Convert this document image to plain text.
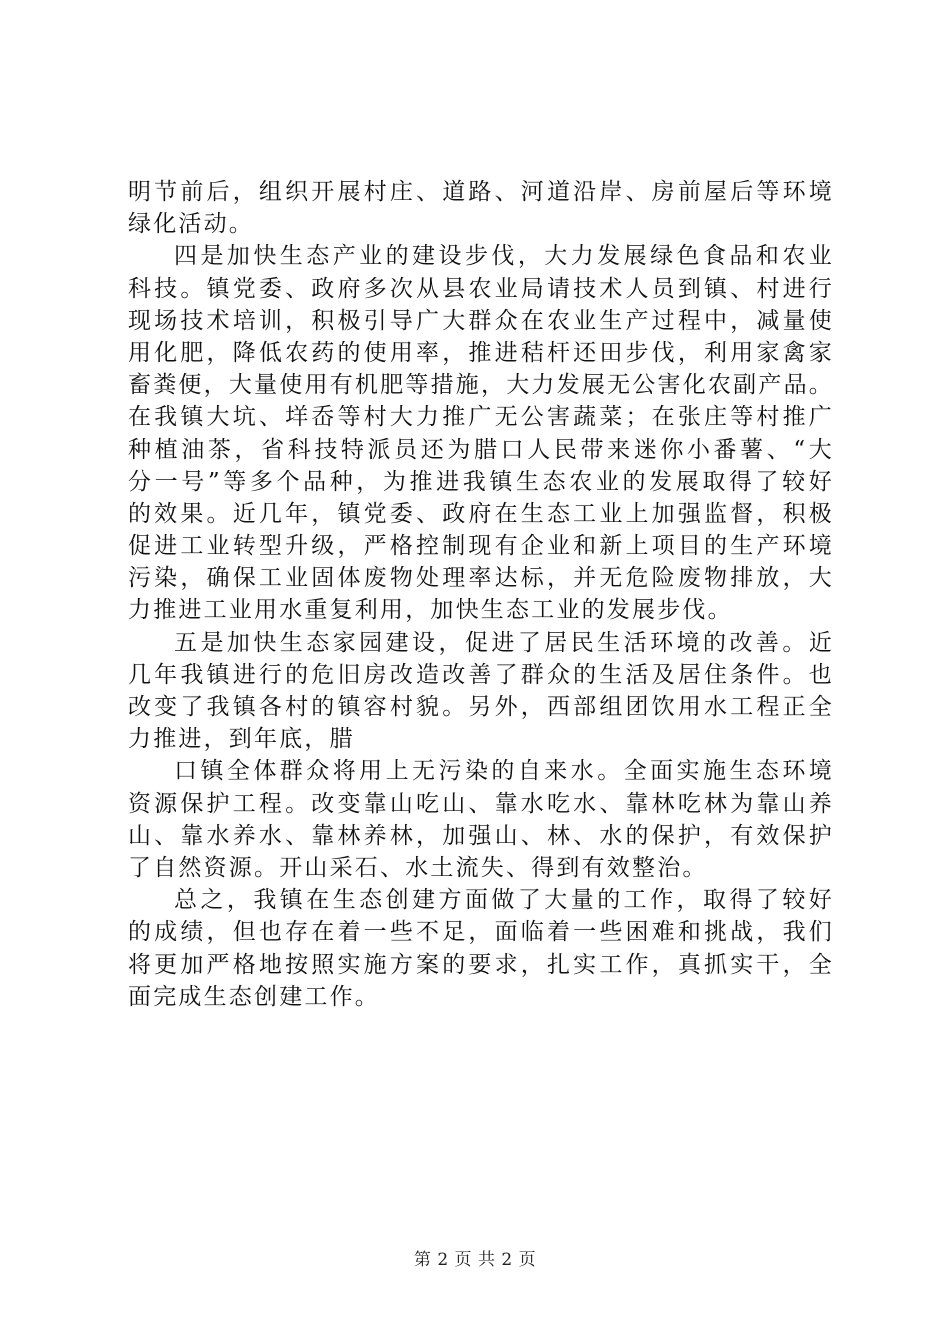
明节前后，组织开展村庄、道路、河道沿岸、房前屋后等环境
绿化活动。
四是加快生态产业的建设步伐，大力发展绿色食品和农业
科技。镇党委、政府多次从县农业局请技术人员到镇、村进行
现场技术培训，积极引导广大群众在农业生产过程中，减量使
用化肥，降低农药的使用率，推进秸杆还田步伐，利用家禽家
畜粪便，大量使用有机肥等措施，大力发展无公害化农副产品。
在我镇大坑、垟岙等村大力推广无公害蔬菜；在张庄等村推广
种植油茶，省科技特派员还为腊口人民带来迷你小番薯、“大
分一号”等多个品种，为推进我镇生态农业的发展取得了较好
的效果。近几年，镇党委、政府在生态工业上加强监督，积极
促进工业转型升级，严格控制现有企业和新上项目的生产环境
污染，确保工业固体废物处理率达标，并无危险废物排放，大
力推进工业用水重复利用，加快生态工业的发展步伐。
五是加快生态家园建设，促进了居民生活环境的改善。近
几年我镇进行的危旧房改造改善了群众的生活及居住条件。也
改变了我镇各村的镇容村貌。另外，西部组团饮用水工程正全
力推进，到年底，腊
口镇全体群众将用上无污染的自来水。全面实施生态环境
资源保护工程。改变靠山吃山、靠水吃水、靠林吃林为靠山养
山、靠水养水、靠林养林，加强山、林、水的保护，有效保护
了自然资源。开山采石、水土流失、得到有效整治。
总之，我镇在生态创建方面做了大量的工作，取得了较好
的成绩，但也存在着一些不足，面临着一些困难和挑战，我们
将更加严格地按照实施方案的要求，扎实工作，真抓实干，全
面完成生态创建工作。
第 2 页 共 2 页
